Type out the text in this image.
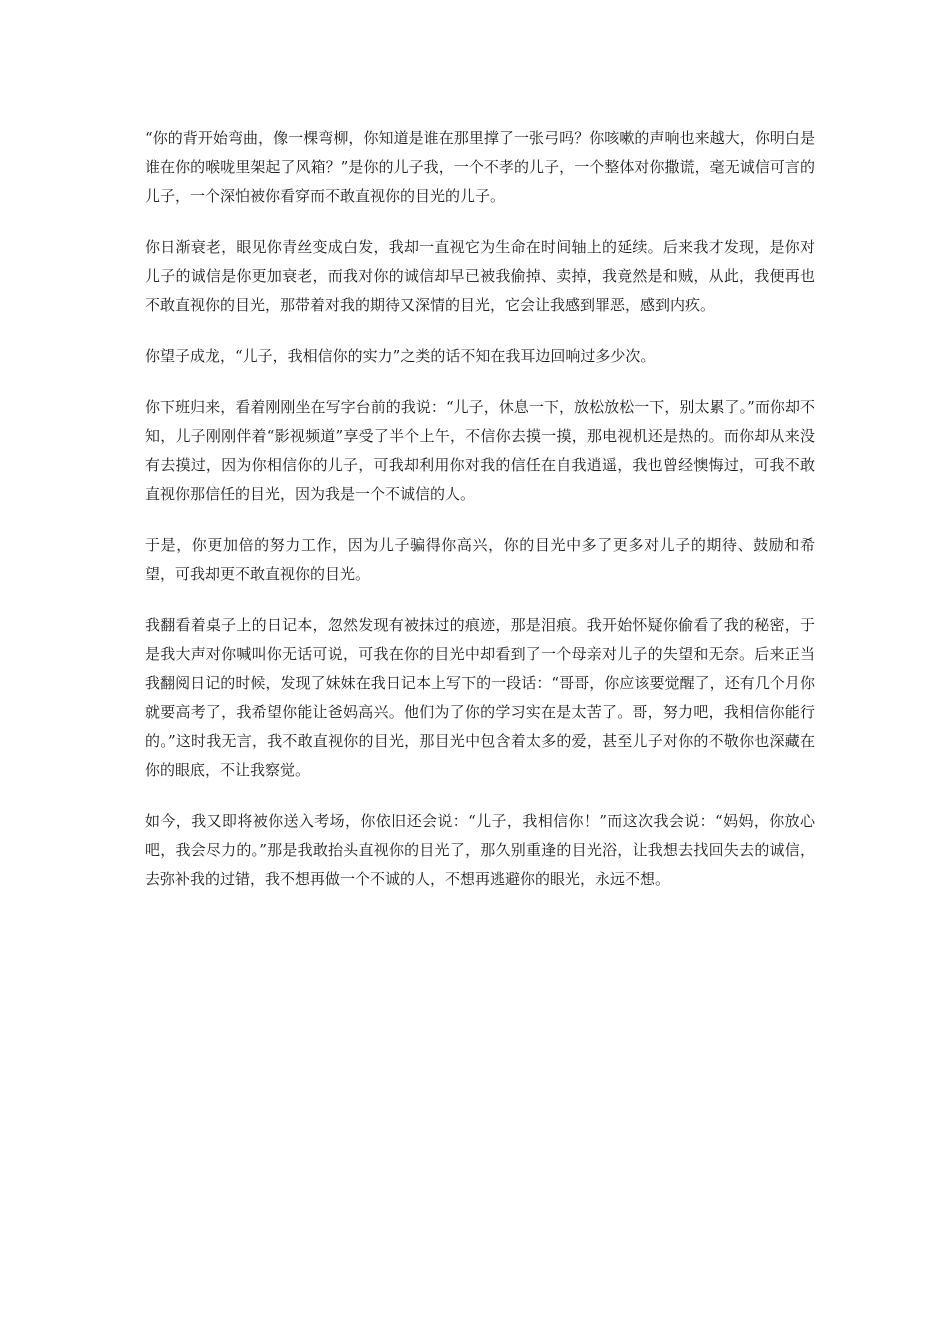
“你的背开始弯曲，像一棵弯柳，你知道是谁在那里撑了一张弓吗？你咳嗽的声响也来越大，你明白是谁在你的喉咙里架起了风箱？”是你的儿子我，一个不孝的儿子，一个整体对你撒谎，毫无诚信可言的儿子，一个深怕被你看穿而不敢直视你的目光的儿子。

你日渐衰老，眼见你青丝变成白发，我却一直视它为生命在时间轴上的延续。后来我才发现，是你对儿子的诚信是你更加衰老，而我对你的诚信却早已被我偷掉、卖掉，我竟然是和贼，从此，我便再也不敢直视你的目光，那带着对我的期待又深情的目光，它会让我感到罪恶，感到内疚。

你望子成龙，“儿子，我相信你的实力”之类的话不知在我耳边回响过多少次。

你下班归来，看着刚刚坐在写字台前的我说：“儿子，休息一下，放松放松一下，别太累了。”而你却不知，儿子刚刚伴着“影视频道”享受了半个上午，不信你去摸一摸，那电视机还是热的。而你却从来没有去摸过，因为你相信你的儿子，可我却利用你对我的信任在自我逍遥，我也曾经懊悔过，可我不敢直视你那信任的目光，因为我是一个不诚信的人。

于是，你更加倍的努力工作，因为儿子骗得你高兴，你的目光中多了更多对儿子的期待、鼓励和希望，可我却更不敢直视你的目光。

我翻看着桌子上的日记本，忽然发现有被抹过的痕迹，那是泪痕。我开始怀疑你偷看了我的秘密，于是我大声对你喊叫你无话可说，可我在你的目光中却看到了一个母亲对儿子的失望和无奈。后来正当我翻阅日记的时候，发现了妹妹在我日记本上写下的一段话：“哥哥，你应该要觉醒了，还有几个月你就要高考了，我希望你能让爸妈高兴。他们为了你的学习实在是太苦了。哥，努力吧，我相信你能行的。”这时我无言，我不敢直视你的目光，那目光中包含着太多的爱，甚至儿子对你的不敬你也深藏在你的眼底，不让我察觉。

如今，我又即将被你送入考场，你依旧还会说：“儿子，我相信你！”而这次我会说：“妈妈，你放心吧，我会尽力的。”那是我敢抬头直视你的目光了，那久别重逢的目光浴，让我想去找回失去的诚信，去弥补我的过错，我不想再做一个不诚的人，不想再逃避你的眼光，永远不想。
